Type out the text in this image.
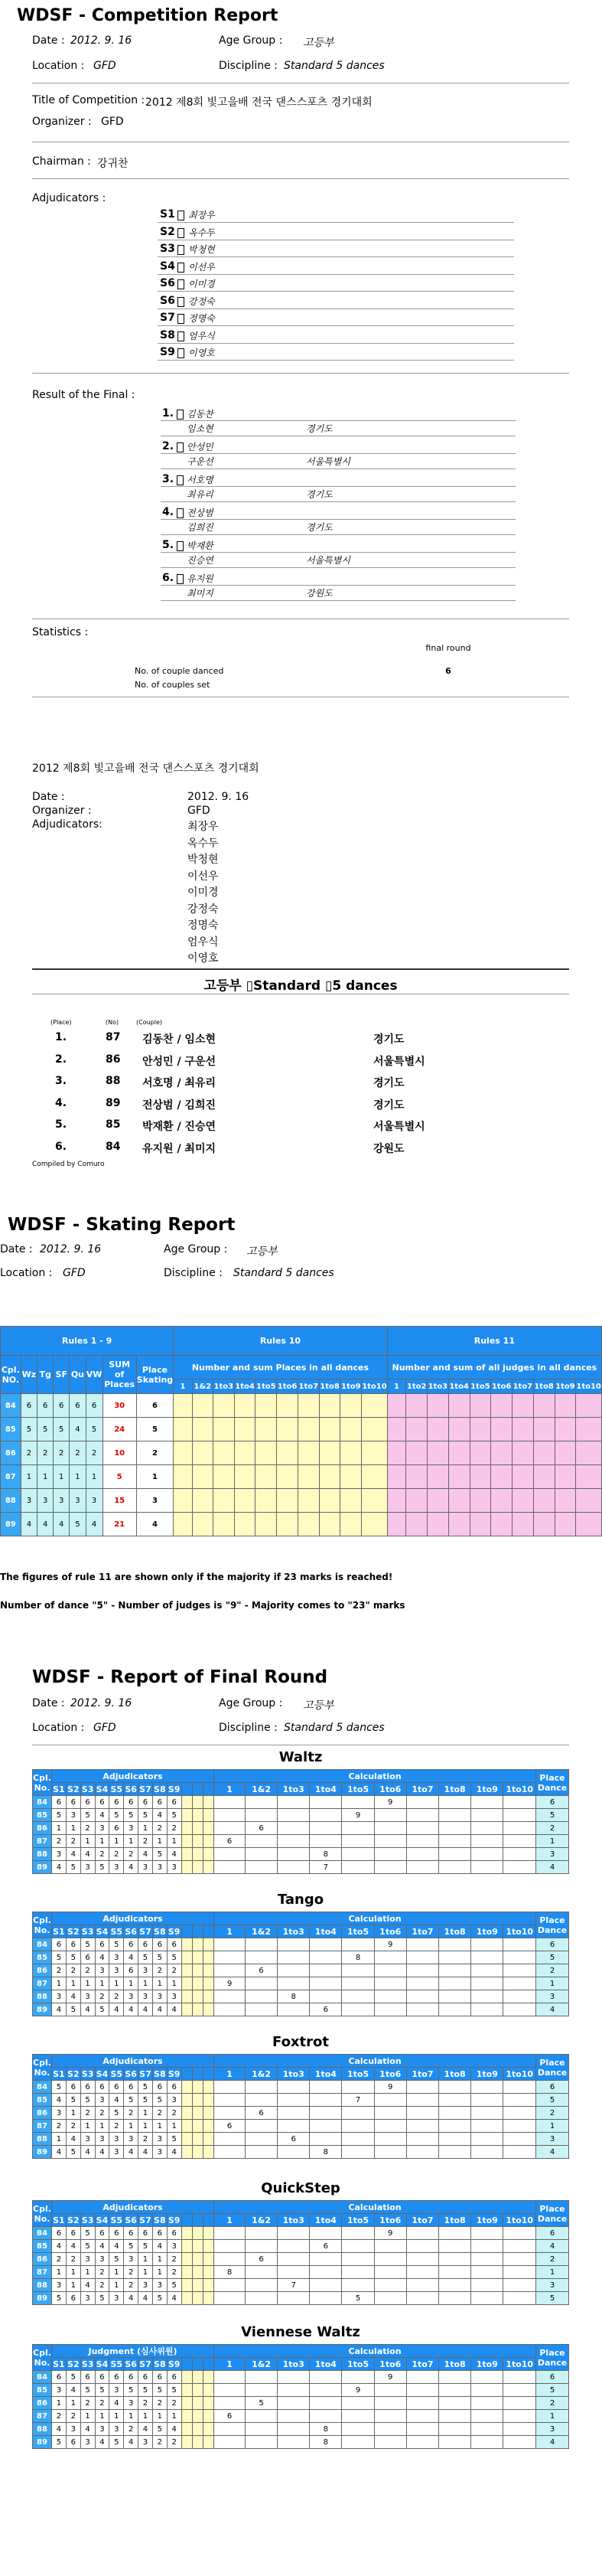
WDSF - Competition Report
Date : 2012. 9. 16	Age Group : 고등부
Location : GFD	Discipline : Standard 5 dances
Title of Competition : 2012 제8회 빛고을배 전국 댄스스포츠 경기대회
Organizer : GFD
Chairman : 강귀찬
Adjudicators :
S1 최장우
S2 옥수두
S3 박청현
S4 이선우
S6 이미경
S6 강정숙
S7 정명숙
S8 엄우식
S9 이영호
Result of the Final :
1. 김동찬
임소현	경기도
2. 안성민
구운선	서울특별시
3. 서호명
최유리	경기도
4. 전상범
김희진	경기도
5. 박재환
진승연	서울특별시
6. 유지원
최미지	강원도
Statistics :
final round
No. of couple danced	6
No. of couples set
2012 제8회 빛고을배 전국 댄스스포츠 경기대회
Date :	2012. 9. 16
Organizer :	GFD
Adjudicators:	최장우
옥수두
박청현
이선우
이미경
강정숙
정명숙
엄우식
이영호
고등부 ▯Standard ▯5 dances
(Place)	(No)	(Couple)
1.	87 김동찬 / 임소현	경기도
2.	86 안성민 / 구운선	서울특별시
3.	88 서호명 / 최유리	경기도
4.	89 전상범 / 김희진	경기도
5.	85 박재환 / 진승연	서울특별시
6.	84 유지원 / 최미지	강원도
Compiled by Comuro
WDSF - Skating Report
Date : 2012. 9. 16	Age Group : 고등부
Location : GFD	Discipline : Standard 5 dances
Rules 1 - 9								Rules 10										Rules 11									
Cpl. NO.	Wz	Tg	SF	Qu	VW	SUM of Places	Place Skating	Number and sum Places in all dances										Number and sum of all judges in all dances									
								1	1&2	1to3	1to4	1to5	1to6	1to7	1to8	1to9	1to10	1	1to2	1to3	1to4	1to5	1to6	1to7	1to8	1to9	1to10
84	6	6	6	6	6	30	6																				
85	5	5	5	4	5	24	5																				
86	2	2	2	2	2	10	2																				
87	1	1	1	1	1	5	1																				
88	3	3	3	3	3	15	3																				
89	4	4	4	5	4	21	4																				
The figures of rule 11 are shown only if the majority if 23 marks is reached!
Number of dance "5" - Number of judges is "9" - Majority comes to "23" marks
WDSF - Report of Final Round
Date : 2012. 9. 16	Age Group : 고등부
Location : GFD	Discipline : Standard 5 dances
Waltz
Cpl. No.	Adjudicators												Calculation										Place Dance
	S1	S2	S3	S4	S5	S6	S7	S8	S9				1	1&2	1to3	1to4	1to5	1to6	1to7	1to8	1to9	1to10	
84	6	6	6	6	6	6	6	6	6									9					6
85	5	3	5	4	5	5	5	4	5								9						5
86	1	1	2	3	6	3	1	2	2					6									2
87	2	2	1	1	1	1	2	1	1				6										1
88	3	4	4	2	2	2	4	5	4							8							3
89	4	5	3	5	3	4	3	3	3							7							4
Tango
Cpl. No.	Adjudicators												Calculation										Place Dance
	S1	S2	S3	S4	S5	S6	S7	S8	S9				1	1&2	1to3	1to4	1to5	1to6	1to7	1to8	1to9	1to10	
84	6	6	5	6	5	6	6	6	6									9					6
85	5	5	6	4	3	4	5	5	5								8						5
86	2	2	2	3	3	6	3	2	2					6									2
87	1	1	1	1	1	1	1	1	1				9										1
88	3	4	3	2	2	3	3	3	3						8								3
89	4	5	4	5	4	4	4	4	4							6							4
Foxtrot
Cpl. No.	Adjudicators												Calculation										Place Dance
	S1	S2	S3	S4	S5	S6	S7	S8	S9				1	1&2	1to3	1to4	1to5	1to6	1to7	1to8	1to9	1to10	
84	5	6	6	6	6	6	5	6	6									9					6
85	4	5	5	3	4	5	5	5	3								7						5
86	3	1	2	2	5	2	1	2	2					6									2
87	2	2	1	1	2	1	1	1	1				6										1
88	1	4	3	3	3	3	2	3	5						6								3
89	4	5	4	4	3	4	4	3	4							8							4
QuickStep
Cpl. No.	Adjudicators												Calculation										Place Dance
	S1	S2	S3	S4	S5	S6	S7	S8	S9				1	1&2	1to3	1to4	1to5	1to6	1to7	1to8	1to9	1to10	
84	6	6	5	6	6	6	6	6	6									9					6
85	4	4	5	4	4	5	5	4	3							6							4
86	2	2	3	3	5	3	1	1	2					6									2
87	1	1	1	2	1	2	1	1	2				8										1
88	3	1	4	2	1	2	3	3	5						7								3
89	5	6	3	5	3	4	4	5	4								5						5
Viennese Waltz
Cpl. No.	Judgment (심사위원)												Calculation										Place Dance
	S1	S2	S3	S4	S5	S6	S7	S8	S9				1	1&2	1to3	1to4	1to5	1to6	1to7	1to8	1to9	1to10	
84	6	5	6	6	6	6	6	6	6									9					6
85	3	4	5	5	3	5	5	5	5								9						5
86	1	1	2	2	4	3	2	2	2					5									2
87	2	2	1	1	1	1	1	1	1				6										1
88	4	3	4	3	3	2	4	5	4							8							3
89	5	6	3	4	5	4	3	2	2							8							4
